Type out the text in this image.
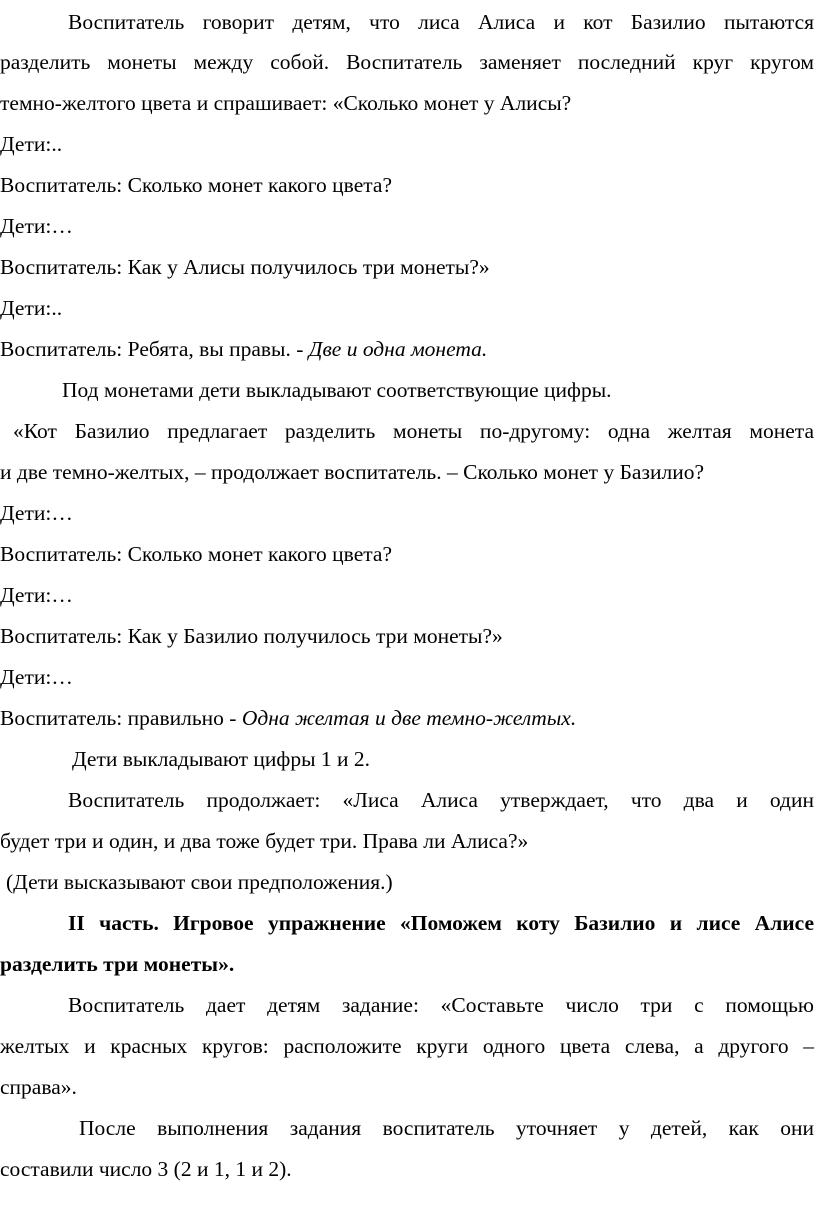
Воспитатель говорит детям, что лиса Алиса и кот Базилио пытаются
разделить монеты между собой. Воспитатель заменяет последний круг кругом
темно-желтого цвета и спрашивает: «Сколько монет у Алисы?
Дети:..
Воспитатель: Сколько монет какого цвета?
Дети:…
Воспитатель: Как у Алисы получилось три монеты?»
Дети:..
Воспитатель: Ребята, вы правы. - Две и одна монета.
Под монетами дети выкладывают соответствующие цифры.
«Кот Базилио предлагает разделить монеты по-другому: одна желтая монета
и две темно-желтых, – продолжает воспитатель. – Сколько монет у Базилио?
Дети:…
Воспитатель: Сколько монет какого цвета?
Дети:…
Воспитатель: Как у Базилио получилось три монеты?»
Дети:…
Воспитатель: правильно - Одна желтая и две темно-желтых.
Дети выкладывают цифры 1 и 2.
Воспитатель продолжает: «Лиса Алиса утверждает, что два и один
будет три и один, и два тоже будет три. Права ли Алиса?»
(Дети высказывают свои предположения.)
II часть. Игровое упражнение «Поможем коту Базилио и лисе Алисе
разделить три монеты».
Воспитатель дает детям задание: «Составьте число три с помощью
желтых и красных кругов: расположите круги одного цвета слева, а другого –
справа».
После выполнения задания воспитатель уточняет у детей, как они
составили число 3 (2 и 1, 1 и 2).
